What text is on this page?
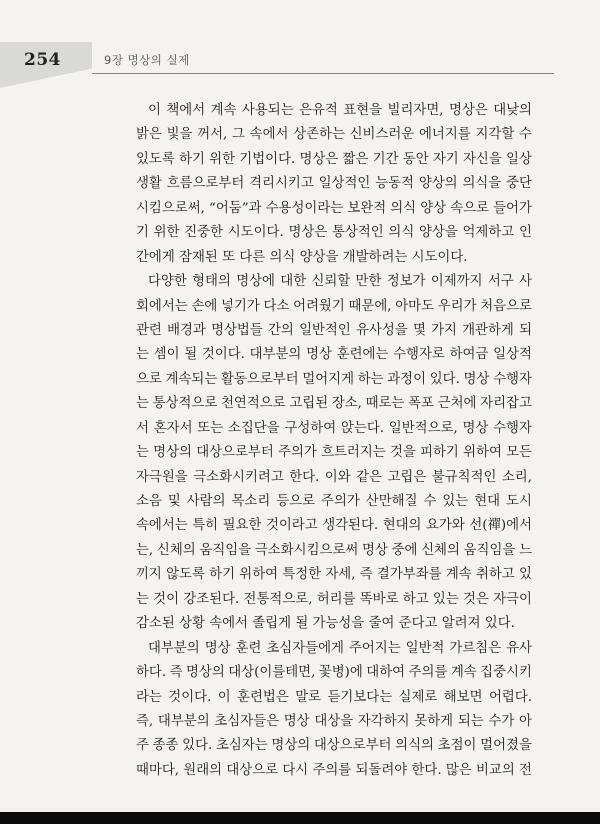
254	9장 명상의 실제
이 책에서 계속 사용되는 은유적 표현을 빌리자면, 명상은 대낮의
밝은 빛을 꺼서, 그 속에서 상존하는 신비스러운 에너지를 지각할 수
있도록 하기 위한 기법이다. 명상은 짧은 기간 동안 자기 자신을 일상
생활 흐름으로부터 격리시키고 일상적인 능동적 양상의 의식을 중단
시킴으로써, “어둠”과 수용성이라는 보완적 의식 양상 속으로 들어가
기 위한 진중한 시도이다. 명상은 통상적인 의식 양상을 억제하고 인
간에게 잠재된 또 다른 의식 양상을 개발하려는 시도이다.
다양한 형태의 명상에 대한 신뢰할 만한 정보가 이제까지 서구 사
회에서는 손에 넣기가 다소 어려웠기 때문에, 아마도 우리가 처음으로
관련 배경과 명상법들 간의 일반적인 유사성을 몇 가지 개관하게 되
는 셈이 될 것이다. 대부분의 명상 훈련에는 수행자로 하여금 일상적
으로 계속되는 활동으로부터 멀어지게 하는 과정이 있다. 명상 수행자
는 통상적으로 천연적으로 고립된 장소, 때로는 폭포 근처에 자리잡고
서 혼자서 또는 소집단을 구성하여 앉는다. 일반적으로, 명상 수행자
는 명상의 대상으로부터 주의가 흐트러지는 것을 피하기 위하여 모든
자극원을 극소화시키려고 한다. 이와 같은 고립은 불규칙적인 소리,
소음 및 사람의 목소리 등으로 주의가 산만해질 수 있는 현대 도시
속에서는 특히 필요한 것이라고 생각된다. 현대의 요가와 선(禪)에서
는, 신체의 움직임을 극소화시킴으로써 명상 중에 신체의 움직임을 느
끼지 않도록 하기 위하여 특정한 자세, 즉 결가부좌를 계속 취하고 있
는 것이 강조된다. 전통적으로, 허리를 똑바로 하고 있는 것은 자극이
감소된 상황 속에서 졸립게 될 가능성을 줄여 준다고 알려져 있다.
대부분의 명상 훈련 초심자들에게 주어지는 일반적 가르침은 유사
하다. 즉 명상의 대상(이를테면, 꽃병)에 대하여 주의를 계속 집중시키
라는 것이다. 이 훈련법은 말로 듣기보다는 실제로 해보면 어렵다.
즉, 대부분의 초심자들은 명상 대상을 자각하지 못하게 되는 수가 아
주 종종 있다. 초심자는 명상의 대상으로부터 의식의 초점이 멀어졌을
때마다, 원래의 대상으로 다시 주의를 되돌려야 한다. 많은 비교의 전
